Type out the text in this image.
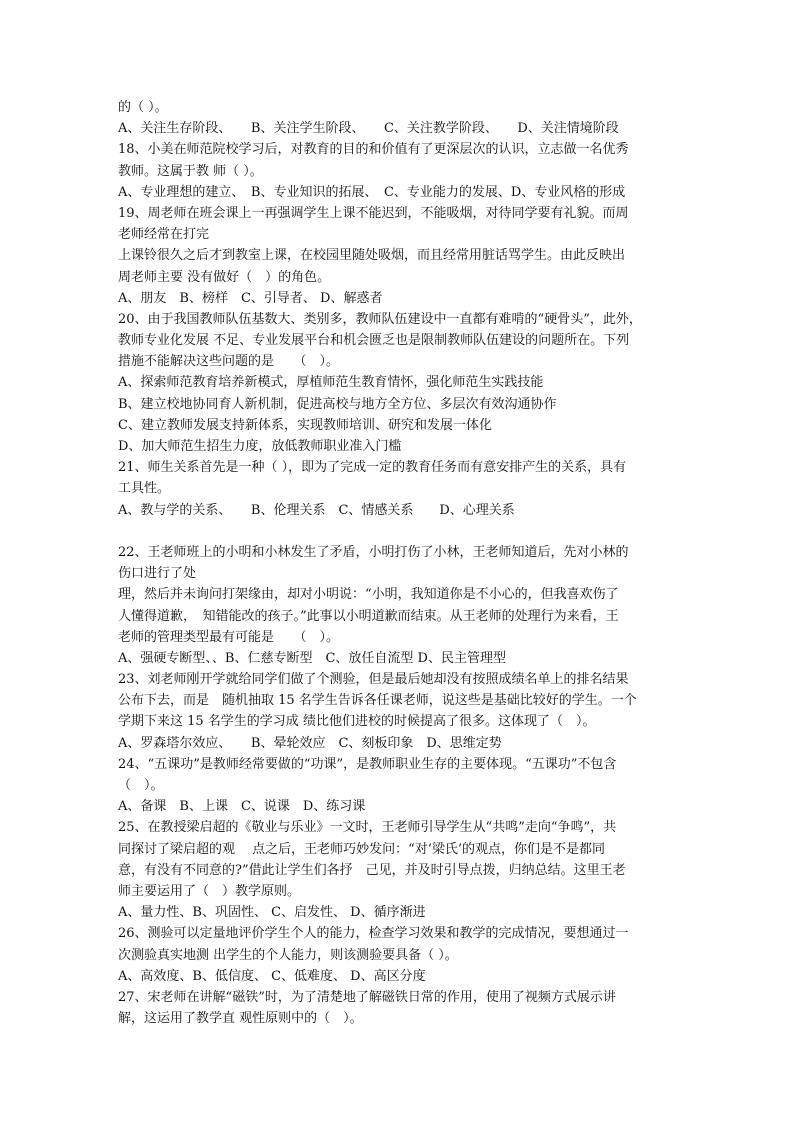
的（ ）。
A、关注生存阶段、　　B、关注学生阶段、　　C、关注教学阶段、　　D、关注情境阶段
18、小美在师范院校学习后，对教育的目的和价值有了更深层次的认识，立志做一名优秀
教师。这属于教 师（ ）。
A、专业理想的建立、　B、专业知识的拓展、　C、专业能力的发展、D、专业风格的形成
19、周老师在班会课上一再强调学生上课不能迟到，不能吸烟，对待同学要有礼貌。而周
老师经常在打完
上课铃很久之后才到教室上课，在校园里随处吸烟，而且经常用脏话骂学生。由此反映出
周老师主要 没有做好（　）的角色。
A、朋友　B、榜样　C、引导者、 D、解惑者
20、由于我国教师队伍基数大、类别多，教师队伍建设中一直都有难啃的“硬骨头”，此外，
教师专业化发展 不足、专业发展平台和机会匮乏也是限制教师队伍建设的问题所在。下列
措施不能解决这些问题的是　　（　）。
A、探索师范教育培养新模式，厚植师范生教育情怀，强化师范生实践技能
B、建立校地协同育人新机制，促进高校与地方全方位、多层次有效沟通协作
C、建立教师发展支持新体系，实现教师培训、研究和发展一体化
D、加大师范生招生力度，放低教师职业准入门槛
21、师生关系首先是一种（ ），即为了完成一定的教育任务而有意安排产生的关系，具有
工具性。
A、教与学的关系、　　B、伦理关系　C、情感关系　　D、心理关系
22、王老师班上的小明和小林发生了矛盾，小明打伤了小林，王老师知道后，先对小林的
伤口进行了处
理，然后并未询问打架缘由，却对小明说：“小明，我知道你是不小心的，但我喜欢伤了
人懂得道歉，　知错能改的孩子。”此事以小明道歉而结束。从王老师的处理行为来看，王
老师的管理类型最有可能是　　（　）。
A、强硬专断型、、B、仁慈专断型　C、放任自流型 D、民主管理型
23、刘老师刚开学就给同学们做了个测验，但是最后她却没有按照成绩名单上的排名结果
公布下去，而是　随机抽取 15 名学生告诉各任课老师，说这些是基础比较好的学生。一个
学期下来这 15 名学生的学习成 绩比他们进校的时候提高了很多。这体现了（　）。
A、罗森塔尔效应、　　B、晕轮效应　C、刻板印象　D、思维定势
24、“五课功”是教师经常要做的“功课”，是教师职业生存的主要体现。“五课功”不包含
（　）。
A、备课　B、上课　C、说课　D、练习课
25、在教授梁启超的《敬业与乐业》一文时，王老师引导学生从“共鸣”走向“争鸣”，共
同探讨了梁启超的观　 点之后，王老师巧妙发问：“对‘梁氏’的观点，你们是不是都同
意，有没有不同意的?”借此让学生们各抒　己见，并及时引导点拨，归纳总结。这里王老
师主要运用了（　）教学原则。
A、量力性、B、巩固性、 C、启发性、 D、循序渐进
26、测验可以定量地评价学生个人的能力，检查学习效果和教学的完成情况，要想通过一
次测验真实地测 出学生的个人能力，则该测验要具备（ ）。
A、高效度、B、低信度、 C、低难度、 D、高区分度
27、宋老师在讲解“磁铁”时，为了清楚地了解磁铁日常的作用，使用了视频方式展示讲
解，这运用了教学直 观性原则中的（　）。
